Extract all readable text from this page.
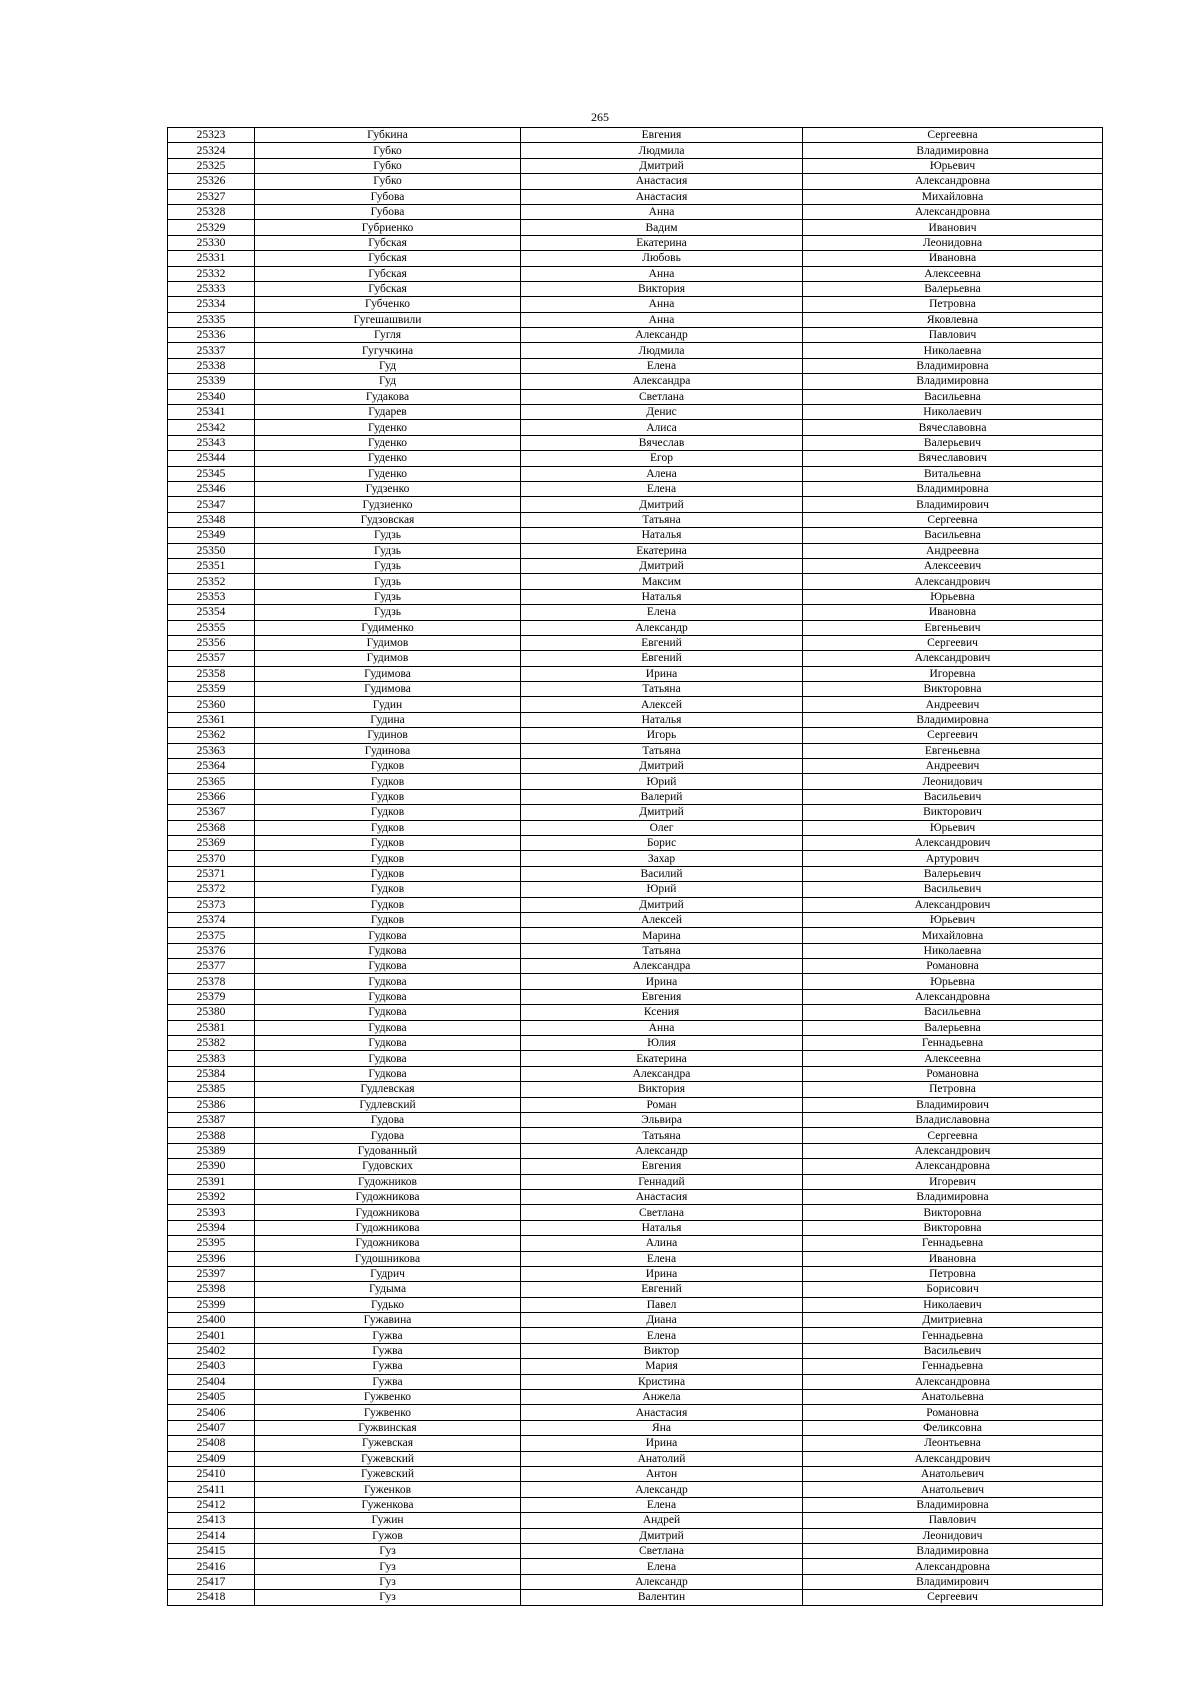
265
25323	Губкина	Евгения	Сергеевна
25324	Губко	Людмила	Владимировна
25325	Губко	Дмитрий	Юрьевич
25326	Губко	Анастасия	Александровна
25327	Губова	Анастасия	Михайловна
25328	Губова	Анна	Александровна
25329	Губриенко	Вадим	Иванович
25330	Губская	Екатерина	Леонидовна
25331	Губская	Любовь	Ивановна
25332	Губская	Анна	Алексеевна
25333	Губская	Виктория	Валерьевна
25334	Губченко	Анна	Петровна
25335	Гугешашвили	Анна	Яковлевна
25336	Гугля	Александр	Павлович
25337	Гугучкина	Людмила	Николаевна
25338	Гуд	Елена	Владимировна
25339	Гуд	Александра	Владимировна
25340	Гудакова	Светлана	Васильевна
25341	Гударев	Денис	Николаевич
25342	Гуденко	Алиса	Вячеславовна
25343	Гуденко	Вячеслав	Валерьевич
25344	Гуденко	Егор	Вячеславович
25345	Гуденко	Алена	Витальевна
25346	Гудзенко	Елена	Владимировна
25347	Гудзиенко	Дмитрий	Владимирович
25348	Гудзовская	Татьяна	Сергеевна
25349	Гудзь	Наталья	Васильевна
25350	Гудзь	Екатерина	Андреевна
25351	Гудзь	Дмитрий	Алексеевич
25352	Гудзь	Максим	Александрович
25353	Гудзь	Наталья	Юрьевна
25354	Гудзь	Елена	Ивановна
25355	Гудименко	Александр	Евгеньевич
25356	Гудимов	Евгений	Сергеевич
25357	Гудимов	Евгений	Александрович
25358	Гудимова	Ирина	Игоревна
25359	Гудимова	Татьяна	Викторовна
25360	Гудин	Алексей	Андреевич
25361	Гудина	Наталья	Владимировна
25362	Гудинов	Игорь	Сергеевич
25363	Гудинова	Татьяна	Евгеньевна
25364	Гудков	Дмитрий	Андреевич
25365	Гудков	Юрий	Леонидович
25366	Гудков	Валерий	Васильевич
25367	Гудков	Дмитрий	Викторович
25368	Гудков	Олег	Юрьевич
25369	Гудков	Борис	Александрович
25370	Гудков	Захар	Артурович
25371	Гудков	Василий	Валерьевич
25372	Гудков	Юрий	Васильевич
25373	Гудков	Дмитрий	Александрович
25374	Гудков	Алексей	Юрьевич
25375	Гудкова	Марина	Михайловна
25376	Гудкова	Татьяна	Николаевна
25377	Гудкова	Александра	Романовна
25378	Гудкова	Ирина	Юрьевна
25379	Гудкова	Евгения	Александровна
25380	Гудкова	Ксения	Васильевна
25381	Гудкова	Анна	Валерьевна
25382	Гудкова	Юлия	Геннадьевна
25383	Гудкова	Екатерина	Алексеевна
25384	Гудкова	Александра	Романовна
25385	Гудлевская	Виктория	Петровна
25386	Гудлевский	Роман	Владимирович
25387	Гудова	Эльвира	Владиславовна
25388	Гудова	Татьяна	Сергеевна
25389	Гудованный	Александр	Александрович
25390	Гудовских	Евгения	Александровна
25391	Гудожников	Геннадий	Игоревич
25392	Гудожникова	Анастасия	Владимировна
25393	Гудожникова	Светлана	Викторовна
25394	Гудожникова	Наталья	Викторовна
25395	Гудожникова	Алина	Геннадьевна
25396	Гудошникова	Елена	Ивановна
25397	Гудрич	Ирина	Петровна
25398	Гудыма	Евгений	Борисович
25399	Гудько	Павел	Николаевич
25400	Гужавина	Диана	Дмитриевна
25401	Гужва	Елена	Геннадьевна
25402	Гужва	Виктор	Васильевич
25403	Гужва	Мария	Геннадьевна
25404	Гужва	Кристина	Александровна
25405	Гужвенко	Анжела	Анатольевна
25406	Гужвенко	Анастасия	Романовна
25407	Гужвинская	Яна	Феликсовна
25408	Гужевская	Ирина	Леонтьевна
25409	Гужевский	Анатолий	Александрович
25410	Гужевский	Антон	Анатольевич
25411	Гуженков	Александр	Анатольевич
25412	Гуженкова	Елена	Владимировна
25413	Гужин	Андрей	Павлович
25414	Гужов	Дмитрий	Леонидович
25415	Гуз	Светлана	Владимировна
25416	Гуз	Елена	Александровна
25417	Гуз	Александр	Владимирович
25418	Гуз	Валентин	Сергеевич
